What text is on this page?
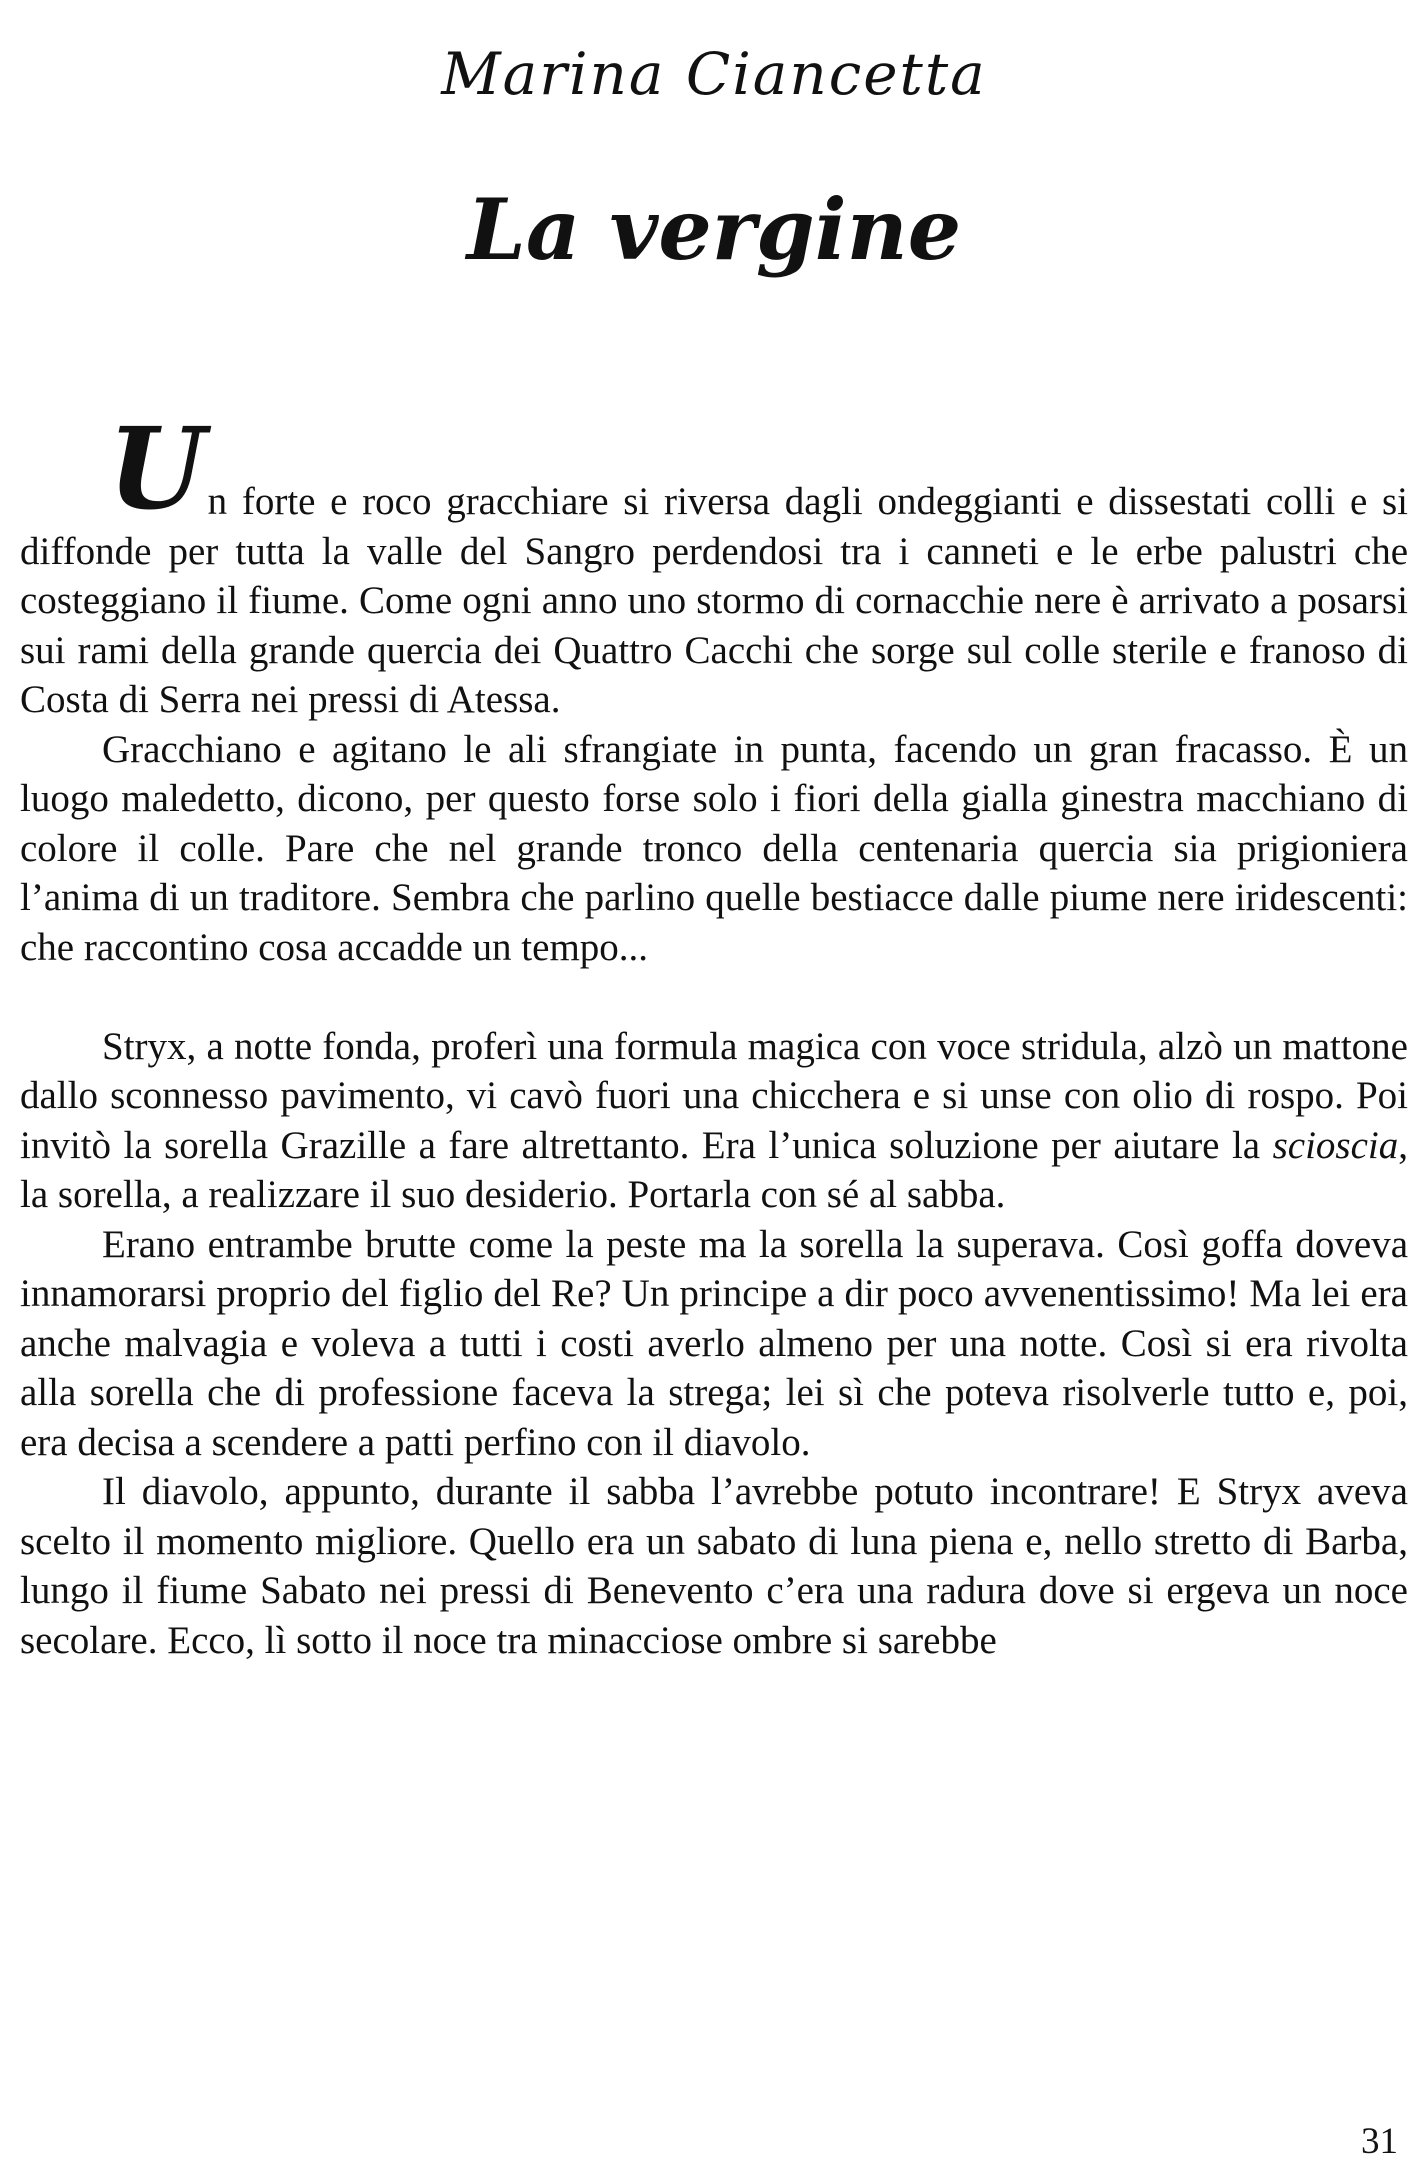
Marina Ciancetta
La vergine

Un forte e roco gracchiare si riversa dagli ondeggianti e dissestati colli e si diffonde per tutta la valle del Sangro perdendosi tra i canneti e le erbe palustri che costeggiano il fiume. Come ogni anno uno stormo di cornacchie nere è arrivato a posarsi sui rami della grande quercia dei Quattro Cacchi che sorge sul colle sterile e franoso di Costa di Serra nei pressi di Atessa.

Gracchiano e agitano le ali sfrangiate in punta, facendo un gran fracasso. È un luogo maledetto, dicono, per questo forse solo i fiori della gialla ginestra macchiano di colore il colle. Pare che nel grande tronco della centenaria quercia sia prigioniera l’anima di un traditore. Sembra che parlino quelle bestiacce dalle piume nere iridescenti: che raccontino cosa accadde un tempo...

Stryx, a notte fonda, proferì una formula magica con voce stridula, alzò un mattone dallo sconnesso pavimento, vi cavò fuori una chicchera e si unse con olio di rospo. Poi invitò la sorella Grazille a fare altrettanto. Era l’unica soluzione per aiutare la scioscia, la sorella, a realizzare il suo desiderio. Portarla con sé al sabba.

Erano entrambe brutte come la peste ma la sorella la superava. Così goffa doveva innamorarsi proprio del figlio del Re? Un principe a dir poco avvenentissimo! Ma lei era anche malvagia e voleva a tutti i costi averlo almeno per una notte. Così si era rivolta alla sorella che di professione faceva la strega; lei sì che poteva risolverle tutto e, poi, era decisa a scendere a patti perfino con il diavolo.

Il diavolo, appunto, durante il sabba l’avrebbe potuto incontrare! E Stryx aveva scelto il momento migliore. Quello era un sabato di luna piena e, nello stretto di Barba, lungo il fiume Sabato nei pressi di Benevento c’era una radura dove si ergeva un noce secolare. Ecco, lì sotto il noce tra minacciose ombre si sarebbe

31
